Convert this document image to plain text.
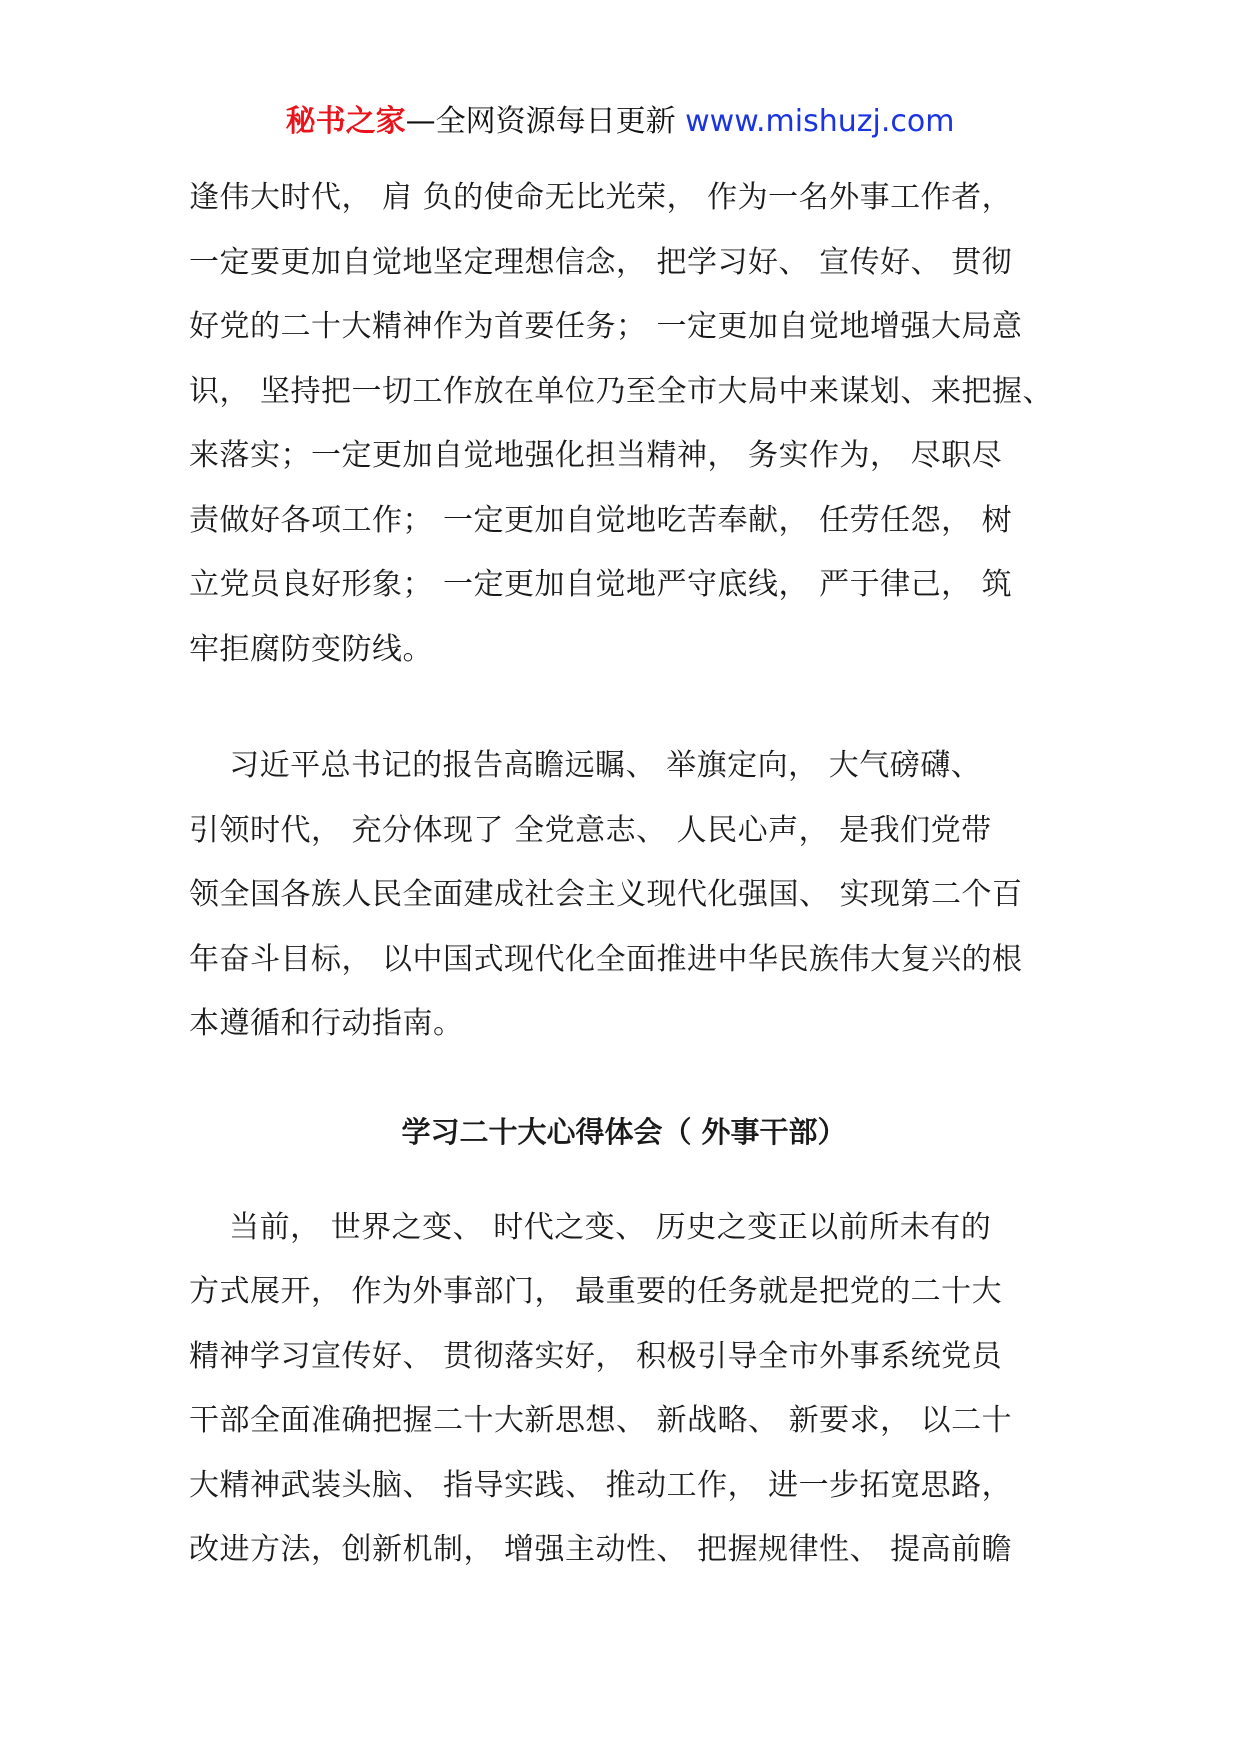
秘书之家—全网资源每日更新 www.mishuzj.com
逢伟大时代， 肩 负的使命无比光荣， 作为一名外事工作者，
一定要更加自觉地坚定理想信念， 把学习好、 宣传好、 贯彻
好党的二十大精神作为首要任务； 一定更加自觉地增强大局意
识， 坚持把一切工作放在单位乃至全市大局中来谋划、来把握、
来落实；一定更加自觉地强化担当精神， 务实作为， 尽职尽
责做好各项工作； 一定更加自觉地吃苦奉献， 任劳任怨， 树
立党员良好形象； 一定更加自觉地严守底线， 严于律己， 筑
牢拒腐防变防线。
习近平总书记的报告高瞻远瞩、 举旗定向， 大气磅礴、
引领时代， 充分体现了 全党意志、 人民心声， 是我们党带
领全国各族人民全面建成社会主义现代化强国、 实现第二个百
年奋斗目标， 以中国式现代化全面推进中华民族伟大复兴的根
本遵循和行动指南。
学习二十大心得体会（ 外事干部）
当前， 世界之变、 时代之变、 历史之变正以前所未有的
方式展开， 作为外事部门， 最重要的任务就是把党的二十大
精神学习宣传好、 贯彻落实好， 积极引导全市外事系统党员
干部全面准确把握二十大新思想、 新战略、 新要求， 以二十
大精神武装头脑、 指导实践、 推动工作， 进一步拓宽思路，
改进方法，创新机制， 增强主动性、 把握规律性、 提高前瞻
